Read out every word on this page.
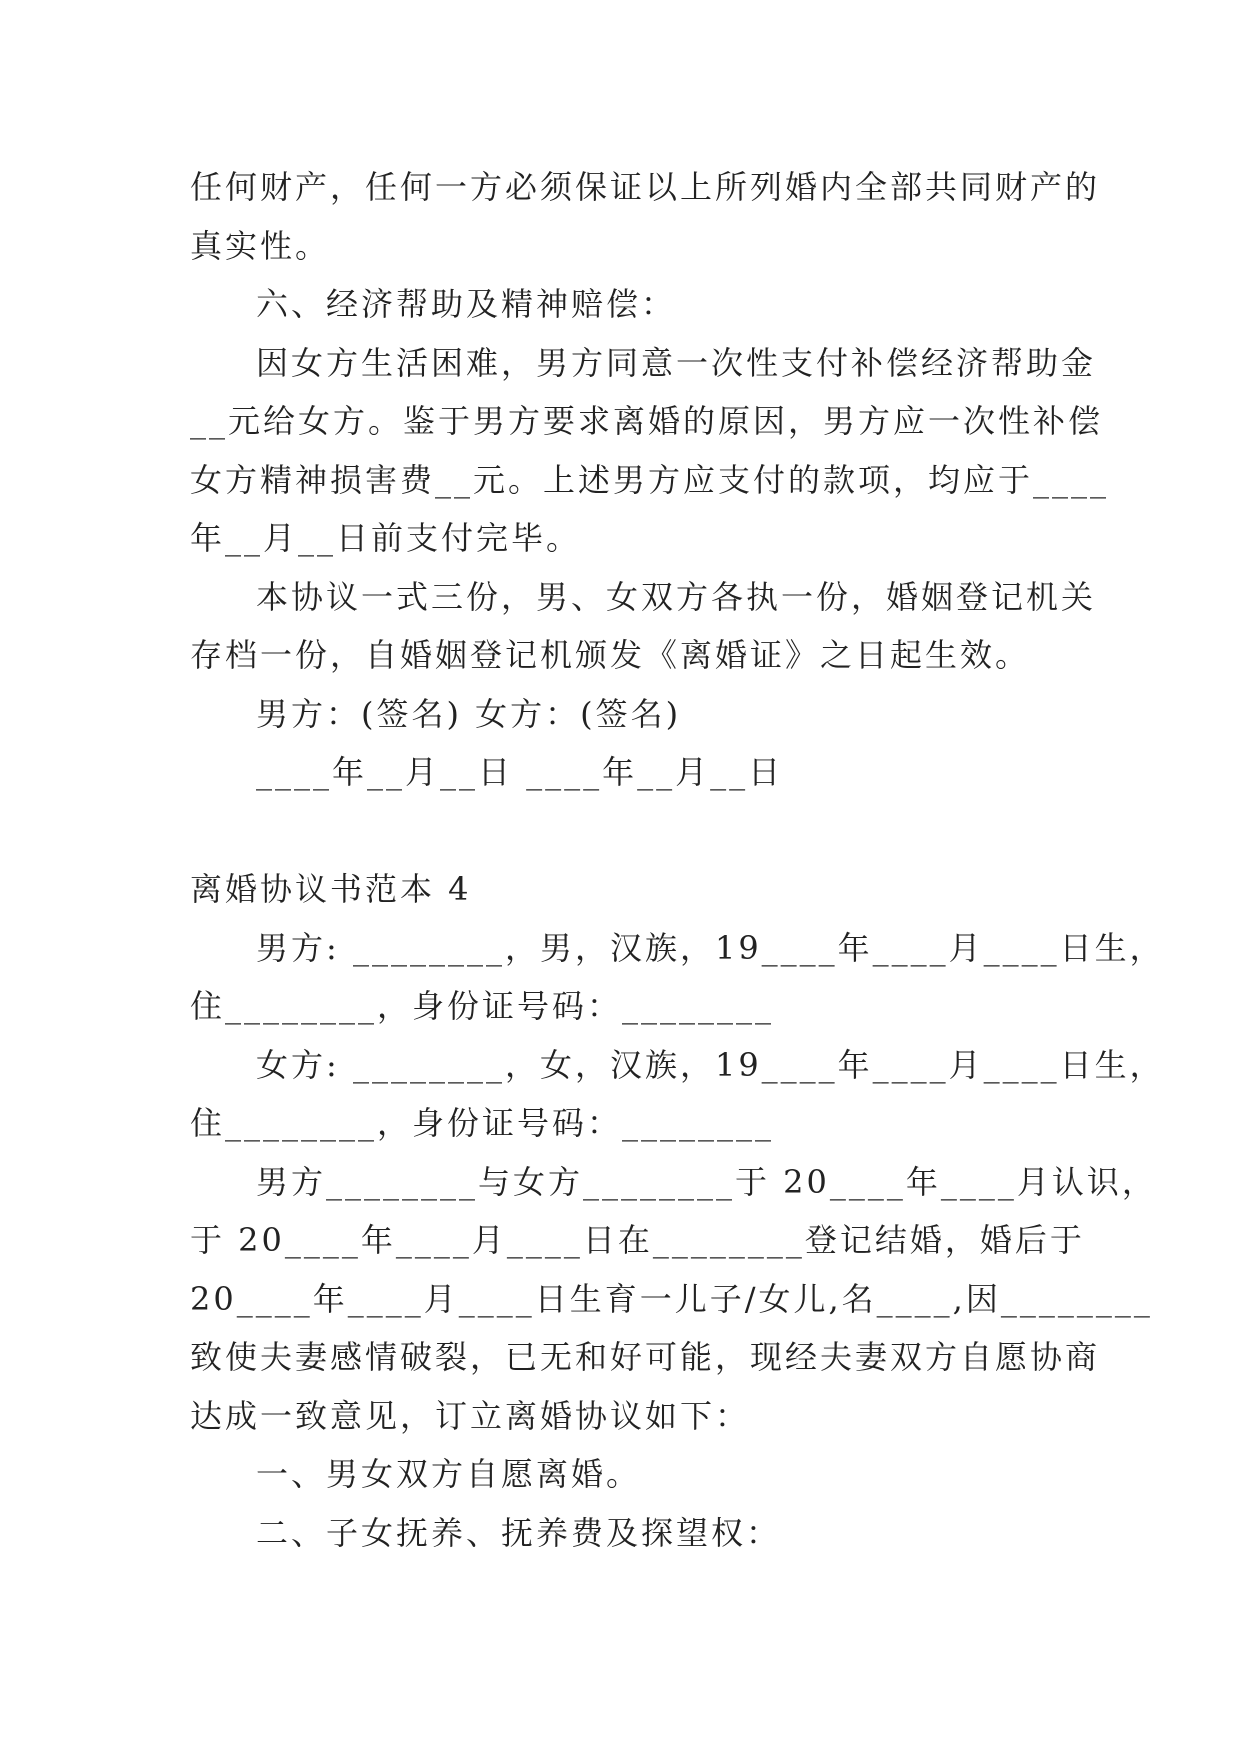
任何财产，任何一方必须保证以上所列婚内全部共同财产的
真实性。
六、经济帮助及精神赔偿：
因女方生活困难，男方同意一次性支付补偿经济帮助金
__元给女方。鉴于男方要求离婚的原因，男方应一次性补偿
女方精神损害费__元。上述男方应支付的款项，均应于____
年__月__日前支付完毕。
本协议一式三份，男、女双方各执一份，婚姻登记机关
存档一份，自婚姻登记机颁发《离婚证》之日起生效。
男方：(签名) 女方：(签名)
____年__月__日 ____年__月__日
离婚协议书范本 4
男方: ________，男，汉族，19____年____月____日生，
住________，身份证号码：________
女方: ________，女，汉族，19____年____月____日生，
住________，身份证号码：________
男方________与女方________于 20____年____月认识，
于 20____年____月____日在________登记结婚，婚后于
20____年____月____日生育一儿子/女儿,名____,因________
致使夫妻感情破裂，已无和好可能，现经夫妻双方自愿协商
达成一致意见，订立离婚协议如下：
一、男女双方自愿离婚。
二、子女抚养、抚养费及探望权：
